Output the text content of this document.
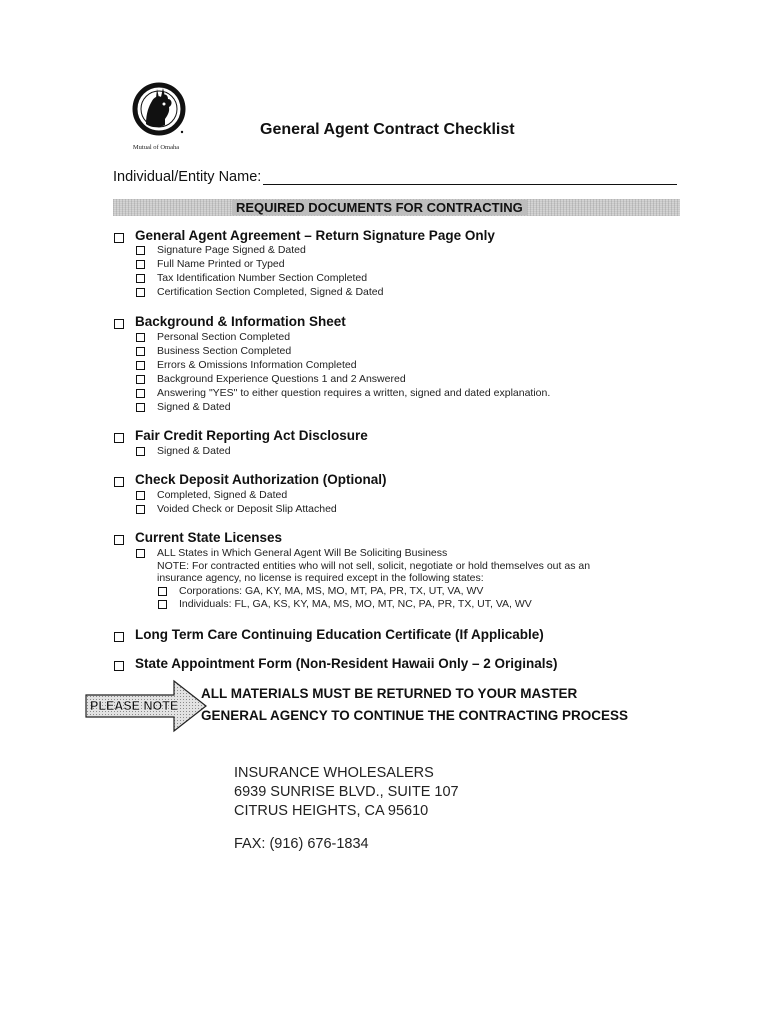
Mutual of Omaha
General Agent Contract Checklist
Individual/Entity Name:
REQUIRED DOCUMENTS FOR CONTRACTING
General Agent Agreement – Return Signature Page Only
Signature Page Signed & Dated
Full Name Printed or Typed
Tax Identification Number Section Completed
Certification Section Completed, Signed & Dated
Background & Information Sheet
Personal Section Completed
Business Section Completed
Errors & Omissions Information Completed
Background Experience Questions 1 and 2 Answered
Answering "YES" to either question requires a written, signed and dated explanation.
Signed & Dated
Fair Credit Reporting Act Disclosure
Signed & Dated
Check Deposit Authorization (Optional)
Completed, Signed & Dated
Voided Check or Deposit Slip Attached
Current State Licenses
ALL States in Which General Agent Will Be Soliciting Business
NOTE: For contracted entities who will not sell, solicit, negotiate or hold themselves out as an
insurance agency, no license is required except in the following states:
Corporations: GA, KY, MA, MS, MO, MT, PA, PR, TX, UT, VA, WV
Individuals: FL, GA, KS, KY, MA, MS, MO, MT, NC, PA, PR, TX, UT, VA, WV
Long Term Care Continuing Education Certificate (If Applicable)
State Appointment Form (Non-Resident Hawaii Only – 2 Originals)
PLEASE NOTE
ALL MATERIALS MUST BE RETURNED TO YOUR MASTER
GENERAL AGENCY TO CONTINUE THE CONTRACTING PROCESS
INSURANCE WHOLESALERS
6939 SUNRISE BLVD., SUITE 107
CITRUS HEIGHTS, CA 95610
FAX: (916) 676-1834
